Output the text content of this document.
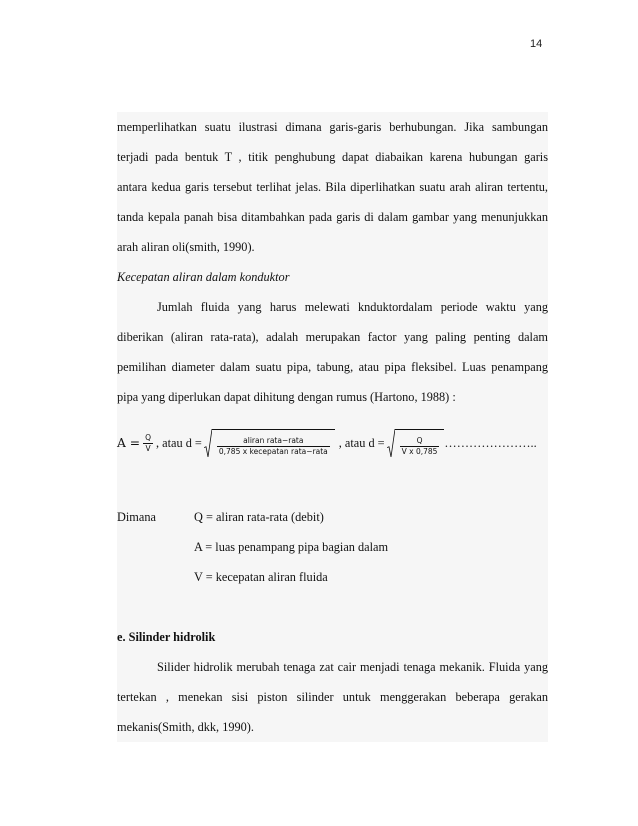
14
memperlihatkan suatu ilustrasi dimana garis-garis berhubungan. Jika sambungan
terjadi pada bentuk T , titik penghubung dapat diabaikan karena hubungan garis
antara kedua garis tersebut terlihat jelas. Bila diperlihatkan suatu arah aliran tertentu,
tanda kepala panah bisa ditambahkan pada garis di dalam gambar yang menunjukkan
arah aliran oli(smith, 1990).
Kecepatan aliran dalam konduktor
Jumlah fluida yang harus melewati knduktordalam periode waktu yang
diberikan (aliran rata-rata), adalah merupakan factor yang paling penting dalam
pemilihan diameter dalam suatu pipa, tabung, atau pipa fleksibel. Luas penampang
pipa yang diperlukan dapat dihitung dengan rumus (Hartono, 1988) :
$A = \frac{Q}{V}$ , atau $d = \frac{\text{aliran rata−rata}}{\text{0,785 x kecepatan rata−rata}}$ , atau $d = \frac{Q}{\text{V x 0,785}}$ …………………..
Dimana	Q = aliran rata-rata (debit)
A = luas penampang pipa bagian dalam
V = kecepatan aliran fluida
e. Silinder hidrolik
Silider hidrolik merubah tenaga zat cair menjadi tenaga mekanik. Fluida yang
tertekan , menekan sisi piston silinder untuk menggerakan beberapa gerakan
mekanis(Smith, dkk, 1990).
